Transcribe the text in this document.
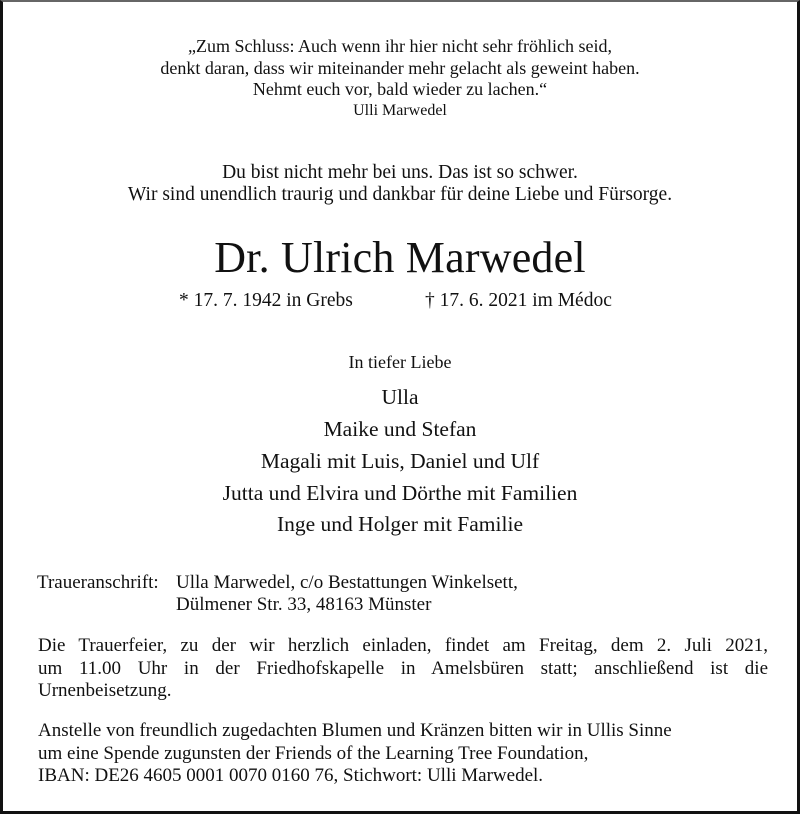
„Zum Schluss: Auch wenn ihr hier nicht sehr fröhlich seid,
denkt daran, dass wir miteinander mehr gelacht als geweint haben.
Nehmt euch vor, bald wieder zu lachen.“
Ulli Marwedel
Du bist nicht mehr bei uns. Das ist so schwer.
Wir sind unendlich traurig und dankbar für deine Liebe und Fürsorge.
Dr. Ulrich Marwedel
* 17. 7. 1942 in Grebs	† 17. 6. 2021 im Médoc
In tiefer Liebe
Ulla
Maike und Stefan
Magali mit Luis, Daniel und Ulf
Jutta und Elvira und Dörthe mit Familien
Inge und Holger mit Familie
Traueranschrift: Ulla Marwedel, c/o Bestattungen Winkelsett,
Dülmener Str. 33, 48163 Münster
Die Trauerfeier, zu der wir herzlich einladen, findet am Freitag, dem 2. Juli 2021,
um 11.00 Uhr in der Friedhofskapelle in Amelsbüren statt; anschließend ist die
Urnenbeisetzung.
Anstelle von freundlich zugedachten Blumen und Kränzen bitten wir in Ullis Sinne
um eine Spende zugunsten der Friends of the Learning Tree Foundation,
IBAN: DE26 4605 0001 0070 0160 76, Stichwort: Ulli Marwedel.
